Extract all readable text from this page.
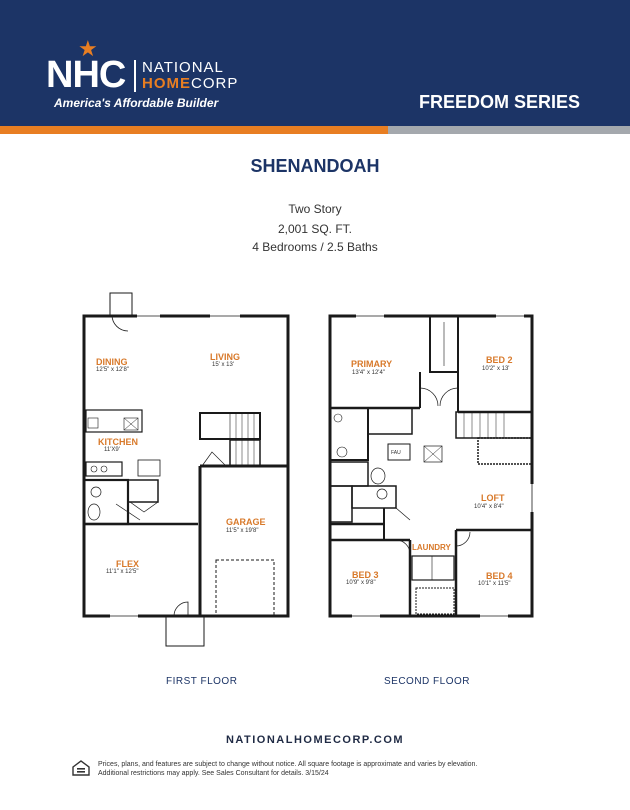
★
NHC NATIONAL
HOMECORP
America's Affordable Builder	FREEDOM SERIES
SHENANDOAH
Two Story
2,001 SQ. FT.
4 Bedrooms / 2.5 Baths
DINING
12'5" x 12'8"
LIVING
15' x 13'
KITCHEN
11'X9'
GARAGE
11'5" x 19'8"
FLEX
11'1" x 12'5"
PRIMARY
13'4" x 12'4"
BED 2
10'2" x 13'
LOFT
10'4" x 8'4"
LAUNDRY
BED 3
10'9" x 9'8"
BED 4
10'1" x 11'5"
FAU
FIRST FLOOR	SECOND FLOOR
NATIONALHOMECORP.COM
Prices, plans, and features are subject to change without notice. All square footage is approximate and varies by elevation.
Additional restrictions may apply. See Sales Consultant for details. 3/15/24
